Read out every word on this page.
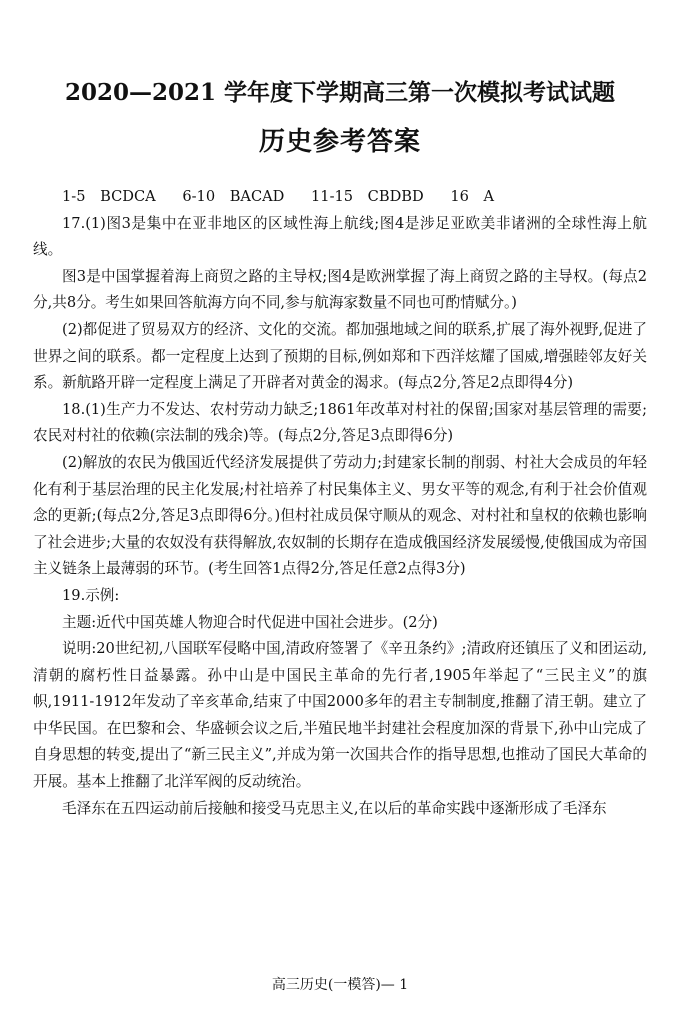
2020—2021 学年度下学期高三第一次模拟考试试题
历史参考答案

1-5　BCDCA 6-10　BACAD 11-15　CBDBD 16　A

17.(1)图3是集中在亚非地区的区域性海上航线;图4是涉足亚欧美非诸洲的全球性海上航线。

图3是中国掌握着海上商贸之路的主导权;图4是欧洲掌握了海上商贸之路的主导权。(每点2分,共8分。考生如果回答航海方向不同,参与航海家数量不同也可酌情赋分。)

(2)都促进了贸易双方的经济、文化的交流。都加强地域之间的联系,扩展了海外视野,促进了世界之间的联系。都一定程度上达到了预期的目标,例如郑和下西洋炫耀了国威,增强睦邻友好关系。新航路开辟一定程度上满足了开辟者对黄金的渴求。(每点2分,答足2点即得4分)

18.(1)生产力不发达、农村劳动力缺乏;1861年改革对村社的保留;国家对基层管理的需要;农民对村社的依赖(宗法制的残余)等。(每点2分,答足3点即得6分)

(2)解放的农民为俄国近代经济发展提供了劳动力;封建家长制的削弱、村社大会成员的年轻化有利于基层治理的民主化发展;村社培养了村民集体主义、男女平等的观念,有利于社会价值观念的更新;(每点2分,答足3点即得6分。)但村社成员保守顺从的观念、对村社和皇权的依赖也影响了社会进步;大量的农奴没有获得解放,农奴制的长期存在造成俄国经济发展缓慢,使俄国成为帝国主义链条上最薄弱的环节。(考生回答1点得2分,答足任意2点得3分)

19.示例:

主题:近代中国英雄人物迎合时代促进中国社会进步。(2分)

说明:20世纪初,八国联军侵略中国,清政府签署了《辛丑条约》;清政府还镇压了义和团运动,清朝的腐朽性日益暴露。孙中山是中国民主革命的先行者,1905年举起了“三民主义”的旗帜,1911-1912年发动了辛亥革命,结束了中国2000多年的君主专制制度,推翻了清王朝。建立了中华民国。在巴黎和会、华盛顿会议之后,半殖民地半封建社会程度加深的背景下,孙中山完成了自身思想的转变,提出了“新三民主义”,并成为第一次国共合作的指导思想,也推动了国民大革命的开展。基本上推翻了北洋军阀的反动统治。

毛泽东在五四运动前后接触和接受马克思主义,在以后的革命实践中逐渐形成了毛泽东

高三历史(一模答)— 1
